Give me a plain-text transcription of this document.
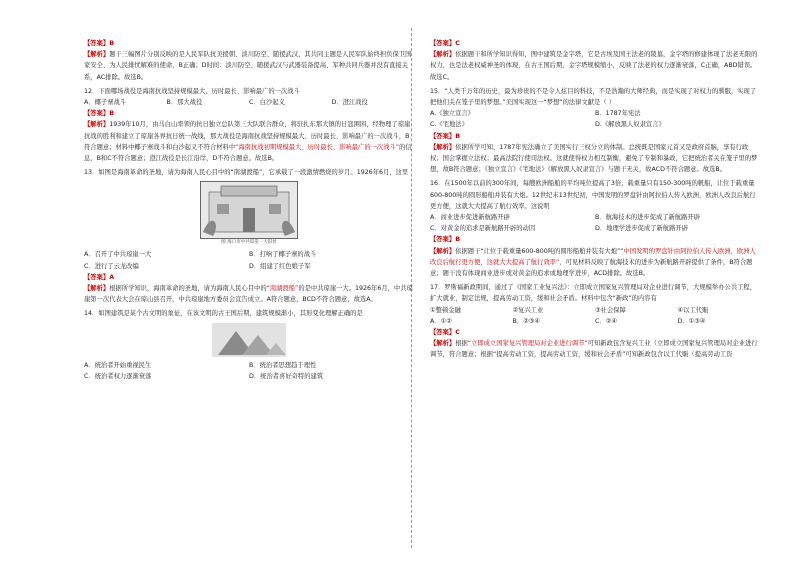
【答案】B
【解析】题干三幅图片分别反映的是人民军队抗美援朝、淡川防空、随援武汉，其共同主题是人民军队始终担负保卫国家安全、为人民排忧解难的使命，B正确；D时间：淡川防空、随援武汉与武器装备提高、军种共同兵器并没有直接关系，AC排除。故选B。
12．下面哪场战役是海南抗战坚持规模最大、历时最长、影响最广的一次战斗
A．椰子寨战斗	B．那大战役	C．白沙起义	D．澄江战役
【答案】B
【解析】1939年10月，由马白山率领的抗日独立总队第三大队联合群众，将驻扎东那大镇的日寇围困，经物理了琼崖抗战的胜利和建立了琼崖各界抗日统一战线，那大战役是海南抗战坚持规模最大、历时最长、影响最广的一次战斗，B符合题意；材料中椰子寨战斗和白沙起义不符合材料中“海南抗战初期规模最大、历时最长、影响最广的一次战斗”的信息，B和C不符合题意；澄江战役是长江沿岸，D不符合题意。故选B。
13．如图是海南革命的圣地，请为海南人民心目中的“南湖渡船”，它承载了一段激情燃烧的岁月。1926年6月，这里
图 海口市中共琼崖一大旧址
A．召开了中共琼崖一大	B．打响了椰子寨的战斗
C．进行了云龙改编	D．组建了红色娘子军
【答案】A
【解析】根据所学知识，海南革命的圣地，请为海南人民心目中的“南湖渡船”的是中共琼崖一大。1926年6月，中共琼崖第一次代表大会在琼山县召开，中共琼崖地方委员会宣告成立。A符合题意，BCD不符合题意，故选A。
14．如图建筑是某个古文明的象征，在该文明的古王国后期，建筑规模渐小，其形变化理解正确的是
A．统治者开始重视民生	B．统治者思想趋于理性
C．统治者权力逐渐衰落	D．统治者喜好奇特的建筑
【答案】C
【解析】依据题干和所学知识得知，图中建筑是金字塔，它是古埃及国王法老的陵墓，金字塔的修建体现了法老无限的权力，也是法老权威神圣的体现，在古王国后期，金字塔规模缩小，反映了法老的权力逐渐衰落，C正确，ABD错误。故选C。
15．“人类千万年的历史，最为珍贵的不是令人炫目的科技，不是浩瀚的大师经典，而是实现了对权力的驯服，实现了把他们关在笼子里的梦想。”美国实现这一“梦想”的法律文献是（ ）
A.《独立宣言》	B．1787年宪法
C.《宅地法》	D.《解放黑人奴隶宣言》
【答案】B
【解析】依据所学可知，1787年宪法确立了美国实行三权分立的体制。总统既是国家元首又是政府首脑，享有行政权；国会掌握立法权；最高法院行使司法权。这就使得权力相互制衡，避免了专制和暴政，它把统治者关在笼子里的梦想，故B符合题意；《独立宣言》《宅地法》《解放黑人奴隶宣言》与题干无关，故ACD不符合题意。故选B。
16．在1500年以前的300年间，每艘欧洲船舶的平均吨位提高了3倍，载重量只有150-300吨的帆船，让位于载重量600-800吨的圆形船舶并装有大炮。12世纪末13世纪初，中国发明的罗盘针由阿拉伯人传入欧洲，欧洲人改良后航行更方便，这就大大提高了航行效率。这说明
A．商业进步促进新航路开辟	B．航海技术的进步促成了新航路开辟
C．对黄金的追求是新航路开辟的动因	D．地理学进步促成了新航路开辟
【答案】B
【解析】依据题干“让位于载重量600-800吨的圆形船舶并装有大炮”“中国发明的罗盘针由阿拉伯人传入欧洲，欧洲人改良后航行更方便，这就大大提高了航行效率”，可见材料反映了航海技术的进步为新航路开辟提供了条件，B符合题意；题干没有体现商业进步或对黄金的追求或地理学进步，ACD排除。故选B。
17．罗斯福新政期间，通过了《国家工业复兴法》：立即成立国家复兴管理局对企业进行调节，大规模举办公共工程，扩大就业，制定法规，提高劳动工资，缓和社会矛盾。材料中包含“新政”的内容有
①整顿金融	②复兴工业	③社会保障	④以工代赈
A．①②	B．②③④	C．②④	D．①③④
【答案】C
【解析】根据“立即成立国家复兴管理局对企业进行调节”可知新政包含复兴工业（立即成立国家复兴管理局对企业进行调节，符合题意；根据“提高劳动工资，提高劳动工资，缓和社会矛盾”可知新政包含以工代赈（提高劳动工资
